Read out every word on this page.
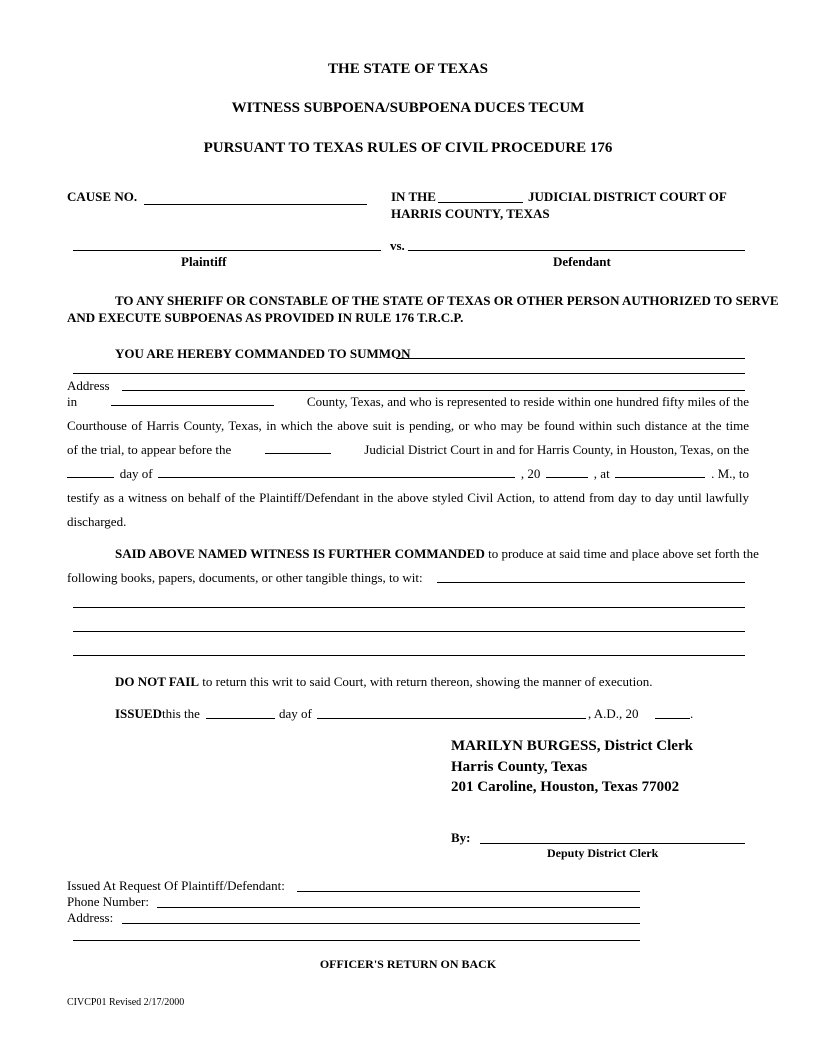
THE STATE OF TEXAS
WITNESS SUBPOENA/SUBPOENA DUCES TECUM
PURSUANT TO TEXAS RULES OF CIVIL PROCEDURE 176
CAUSE NO.	IN THE	JUDICIAL DISTRICT COURT OF
HARRIS COUNTY, TEXAS
vs.
Plaintiff	Defendant
TO ANY SHERIFF OR CONSTABLE OF THE STATE OF TEXAS OR OTHER PERSON AUTHORIZED TO SERVE
AND EXECUTE SUBPOENAS AS PROVIDED IN RULE 176 T.R.C.P.
YOU ARE HEREBY COMMANDED TO SUMMON
Address
in	County, Texas, and who is represented to reside within one hundred fifty miles of the
Courthouse of Harris County, Texas, in which the above suit is pending, or who may be found within such distance at the time
of the trial, to appear before the	Judicial District Court in and for Harris County, in Houston, Texas, on the
day of	, 20	, at	. M., to
testify as a witness on behalf of the Plaintiff/Defendant in the above styled Civil Action, to attend from day to day until lawfully
discharged.
SAID ABOVE NAMED WITNESS IS FURTHER COMMANDED to produce at said time and place above set forth the
following books, papers, documents, or other tangible things, to wit:
DO NOT FAIL to return this writ to said Court, with return thereon, showing the manner of execution.
ISSUED this the	day of	, A.D., 20	.
MARILYN BURGESS, District Clerk
Harris County, Texas
201 Caroline, Houston, Texas 77002
By:
Deputy District Clerk
Issued At Request Of Plaintiff/Defendant:
Phone Number:
Address:
OFFICER'S RETURN ON BACK
CIVCP01 Revised 2/17/2000
